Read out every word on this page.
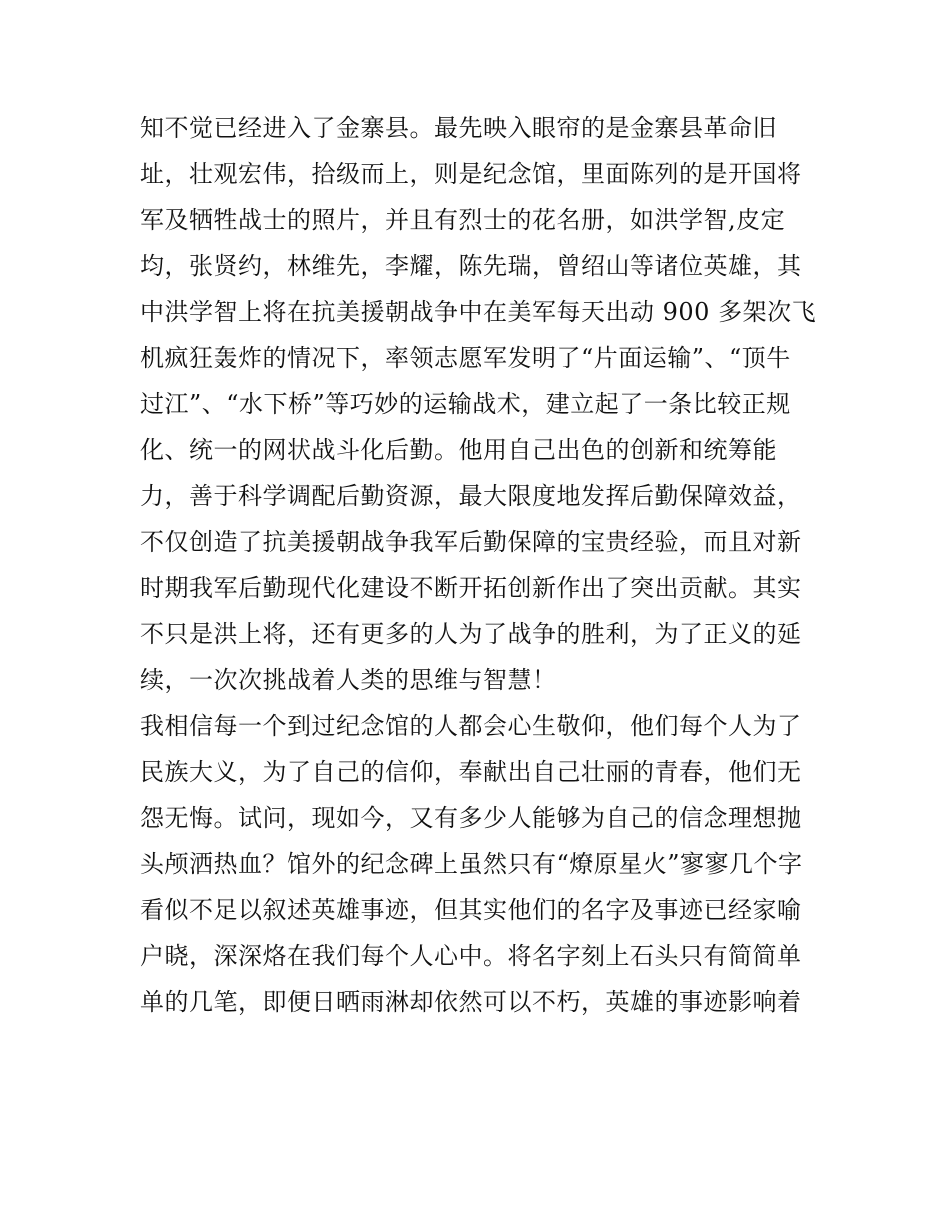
知不觉已经进入了金寨县。最先映入眼帘的是金寨县革命旧
址，壮观宏伟，拾级而上，则是纪念馆，里面陈列的是开国将
军及牺牲战士的照片，并且有烈士的花名册，如洪学智,皮定
均，张贤约，林维先，李耀，陈先瑞，曾绍山等诸位英雄，其
中洪学智上将在抗美援朝战争中在美军每天出动 900 多架次飞
机疯狂轰炸的情况下，率领志愿军发明了“片面运输”、“顶牛
过江”、“水下桥”等巧妙的运输战术，建立起了一条比较正规
化、统一的网状战斗化后勤。他用自己出色的创新和统筹能
力，善于科学调配后勤资源，最大限度地发挥后勤保障效益，
不仅创造了抗美援朝战争我军后勤保障的宝贵经验，而且对新
时期我军后勤现代化建设不断开拓创新作出了突出贡献。其实
不只是洪上将，还有更多的人为了战争的胜利，为了正义的延
续，一次次挑战着人类的思维与智慧！
我相信每一个到过纪念馆的人都会心生敬仰，他们每个人为了
民族大义，为了自己的信仰，奉献出自己壮丽的青春，他们无
怨无悔。试问，现如今，又有多少人能够为自己的信念理想抛
头颅洒热血？馆外的纪念碑上虽然只有“燎原星火”寥寥几个字
看似不足以叙述英雄事迹，但其实他们的名字及事迹已经家喻
户晓，深深烙在我们每个人心中。将名字刻上石头只有简简单
单的几笔，即便日晒雨淋却依然可以不朽，英雄的事迹影响着
